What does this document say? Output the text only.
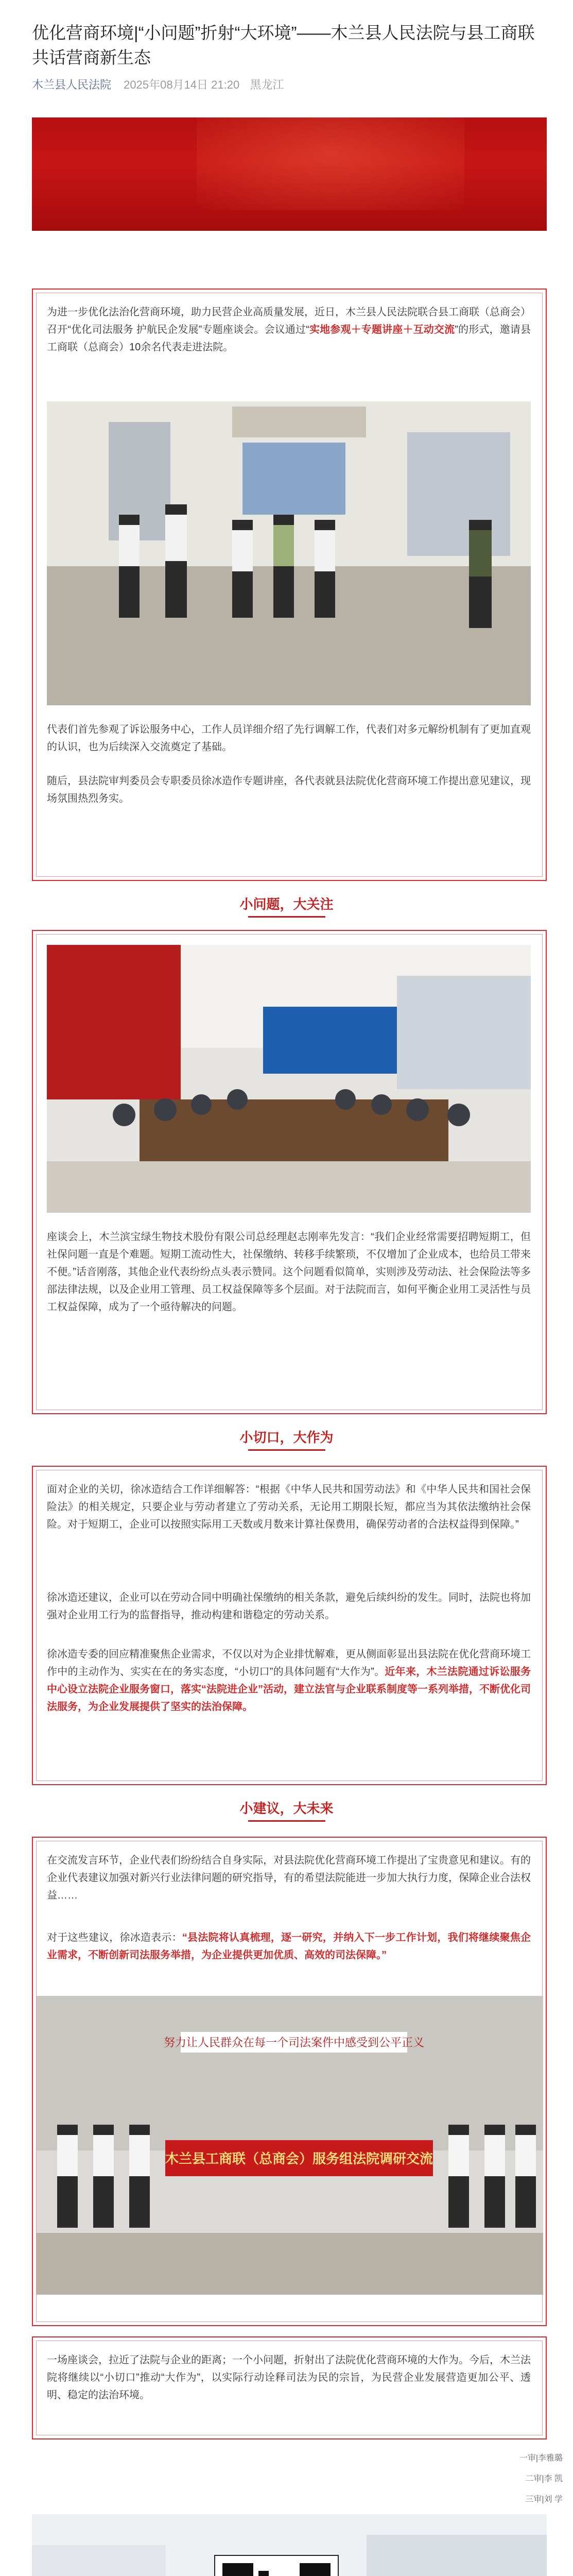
优化营商环境|“小问题”折射“大环境”——木兰县人民法院与县工商联共话营商新生态
木兰县人民法院 2025年08月14日 21:20 黑龙江

为进一步优化法治化营商环境，助力民营企业高质量发展，近日，木兰县人民法院联合县工商联（总商会）召开“优化司法服务 护航民企发展”专题座谈会。会议通过“实地参观＋专题讲座＋互动交流”的形式，邀请县工商联（总商会）10余名代表走进法院。

代表们首先参观了诉讼服务中心，工作人员详细介绍了先行调解工作，代表们对多元解纷机制有了更加直观的认识，也为后续深入交流奠定了基础。

随后，县法院审判委员会专职委员徐冰造作专题讲座，各代表就县法院优化营商环境工作提出意见建议，现场氛围热烈务实。

小问题，大关注

座谈会上，木兰滨宝绿生物技术股份有限公司总经理赵志刚率先发言：“我们企业经常需要招聘短期工，但社保问题一直是个难题。短期工流动性大，社保缴纳、转移手续繁琐，不仅增加了企业成本，也给员工带来不便。”话音刚落，其他企业代表纷纷点头表示赞同。这个问题看似简单，实则涉及劳动法、社会保险法等多部法律法规，以及企业用工管理、员工权益保障等多个层面。对于法院而言，如何平衡企业用工灵活性与员工权益保障，成为了一个亟待解决的问题。

小切口，大作为

面对企业的关切，徐冰造结合工作详细解答：“根据《中华人民共和国劳动法》和《中华人民共和国社会保险法》的相关规定，只要企业与劳动者建立了劳动关系，无论用工期限长短，都应当为其依法缴纳社会保险。对于短期工，企业可以按照实际用工天数或月数来计算社保费用，确保劳动者的合法权益得到保障。”

徐冰造还建议，企业可以在劳动合同中明确社保缴纳的相关条款，避免后续纠纷的发生。同时，法院也将加强对企业用工行为的监督指导，推动构建和谐稳定的劳动关系。

徐冰造专委的回应精准聚焦企业需求，不仅以对为企业排忧解难，更从侧面彰显出县法院在优化营商环境工作中的主动作为、实实在在的务实态度，“小切口”的具体问题有“大作为”。近年来，木兰法院通过诉讼服务中心设立法院企业服务窗口，落实“法院进企业”活动，建立法官与企业联系制度等一系列举措，不断优化司法服务，为企业发展提供了坚实的法治保障。

小建议，大未来

在交流发言环节，企业代表们纷纷结合自身实际，对县法院优化营商环境工作提出了宝贵意见和建议。有的企业代表建议加强对新兴行业法律问题的研究指导，有的希望法院能进一步加大执行力度，保障企业合法权益……

对于这些建议，徐冰造表示：“县法院将认真梳理，逐一研究，并纳入下一步工作计划，我们将继续聚焦企业需求，不断创新司法服务举措，为企业提供更加优质、高效的司法保障。”

努力让人民群众在每一个司法案件中感受到公平正义
木兰县工商联（总商会）服务组法院调研交流

一场座谈会，拉近了法院与企业的距离；一个小问题，折射出了法院优化营商环境的大作为。今后，木兰法院将继续以“小切口”推动“大作为”，以实际行动诠释司法为民的宗旨，为民营企业发展营造更加公平、透明、稳定的法治环境。

一审|李雅璐
二审|李 凯
三审|刘 学
